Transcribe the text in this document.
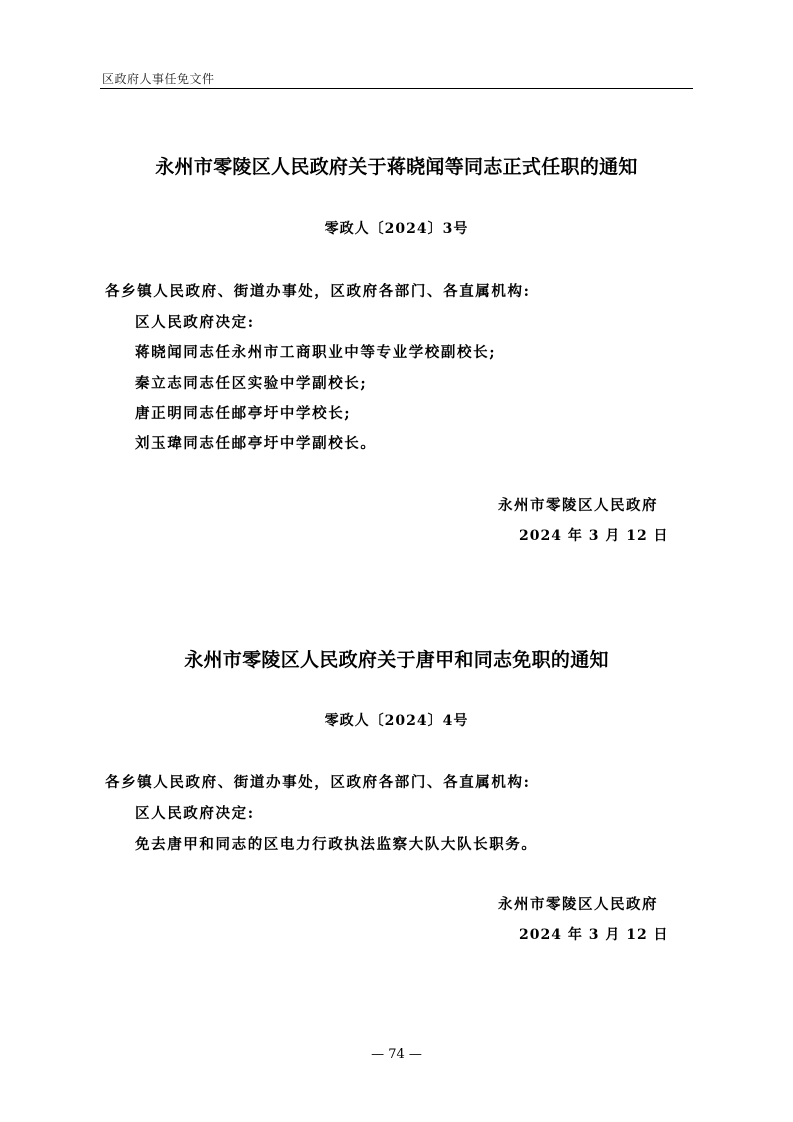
区政府人事任免文件
永州市零陵区人民政府关于蒋晓闻等同志正式任职的通知
零政人〔2024〕3号
各乡镇人民政府、街道办事处，区政府各部门、各直属机构:
区人民政府决定:
蒋晓闻同志任永州市工商职业中等专业学校副校长;
秦立志同志任区实验中学副校长;
唐正明同志任邮亭圩中学校长;
刘玉瑋同志任邮亭圩中学副校长。
永州市零陵区人民政府
2024 年 3 月 12 日
永州市零陵区人民政府关于唐甲和同志免职的通知
零政人〔2024〕4号
各乡镇人民政府、街道办事处，区政府各部门、各直属机构:
区人民政府决定:
免去唐甲和同志的区电力行政执法监察大队大队长职务。
永州市零陵区人民政府
2024 年 3 月 12 日
— 74 —
